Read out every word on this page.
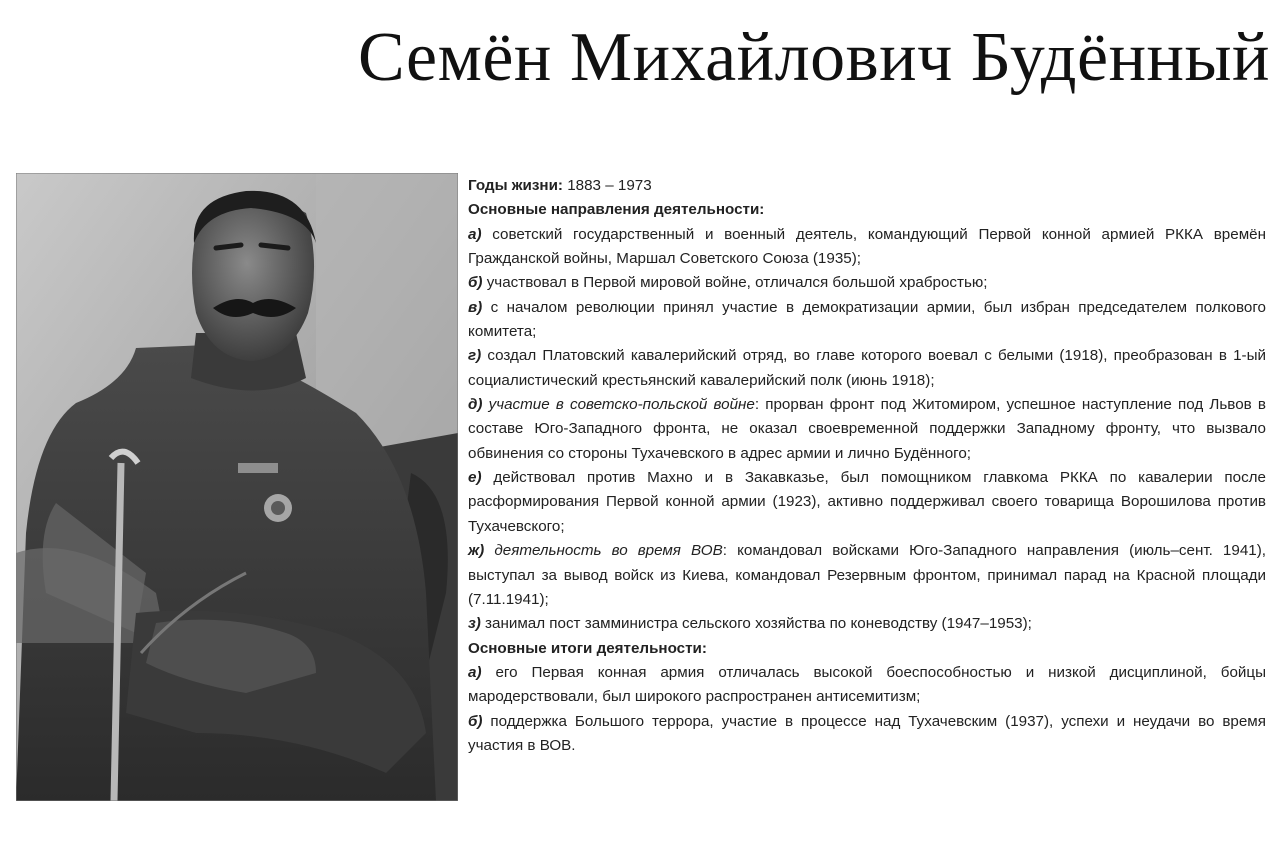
Семён Михайлович Будённый

Годы жизни: 1883 – 1973

Основные направления деятельности:

а) советский государственный и военный деятель, командующий Первой конной армией РККА времён Гражданской войны, Маршал Советского Союза (1935);

б) участвовал в Первой мировой войне, отличался большой храбростью;

в) с началом революции принял участие в демократизации армии, был избран председателем полкового комитета;

г) создал Платовский кавалерийский отряд, во главе которого воевал с белыми (1918), преобразован в 1-ый социалистический крестьянский кавалерийский полк (июнь 1918);

д) участие в советско-польской войне: прорван фронт под Житомиром, успешное наступление под Львов в составе Юго-Западного фронта, не оказал своевременной поддержки Западному фронту, что вызвало обвинения со стороны Тухачевского в адрес армии и лично Будённого;

е) действовал против Махно и в Закавказье, был помощником главкома РККА по кавалерии после расформирования Первой конной армии (1923), активно поддерживал своего товарища Ворошилова против Тухачевского;

ж) деятельность во время ВОВ: командовал войсками Юго-Западного направления (июль–сент. 1941), выступал за вывод войск из Киева, командовал Резервным фронтом, принимал парад на Красной площади (7.11.1941);

з) занимал пост замминистра сельского хозяйства по коневодству (1947–1953);

Основные итоги деятельности:

а) его Первая конная армия отличалась высокой боеспособностью и низкой дисциплиной, бойцы мародерствовали, был широкого распространен антисемитизм;

б) поддержка Большого террора, участие в процессе над Тухачевским (1937), успехи и неудачи во время участия в ВОВ.
